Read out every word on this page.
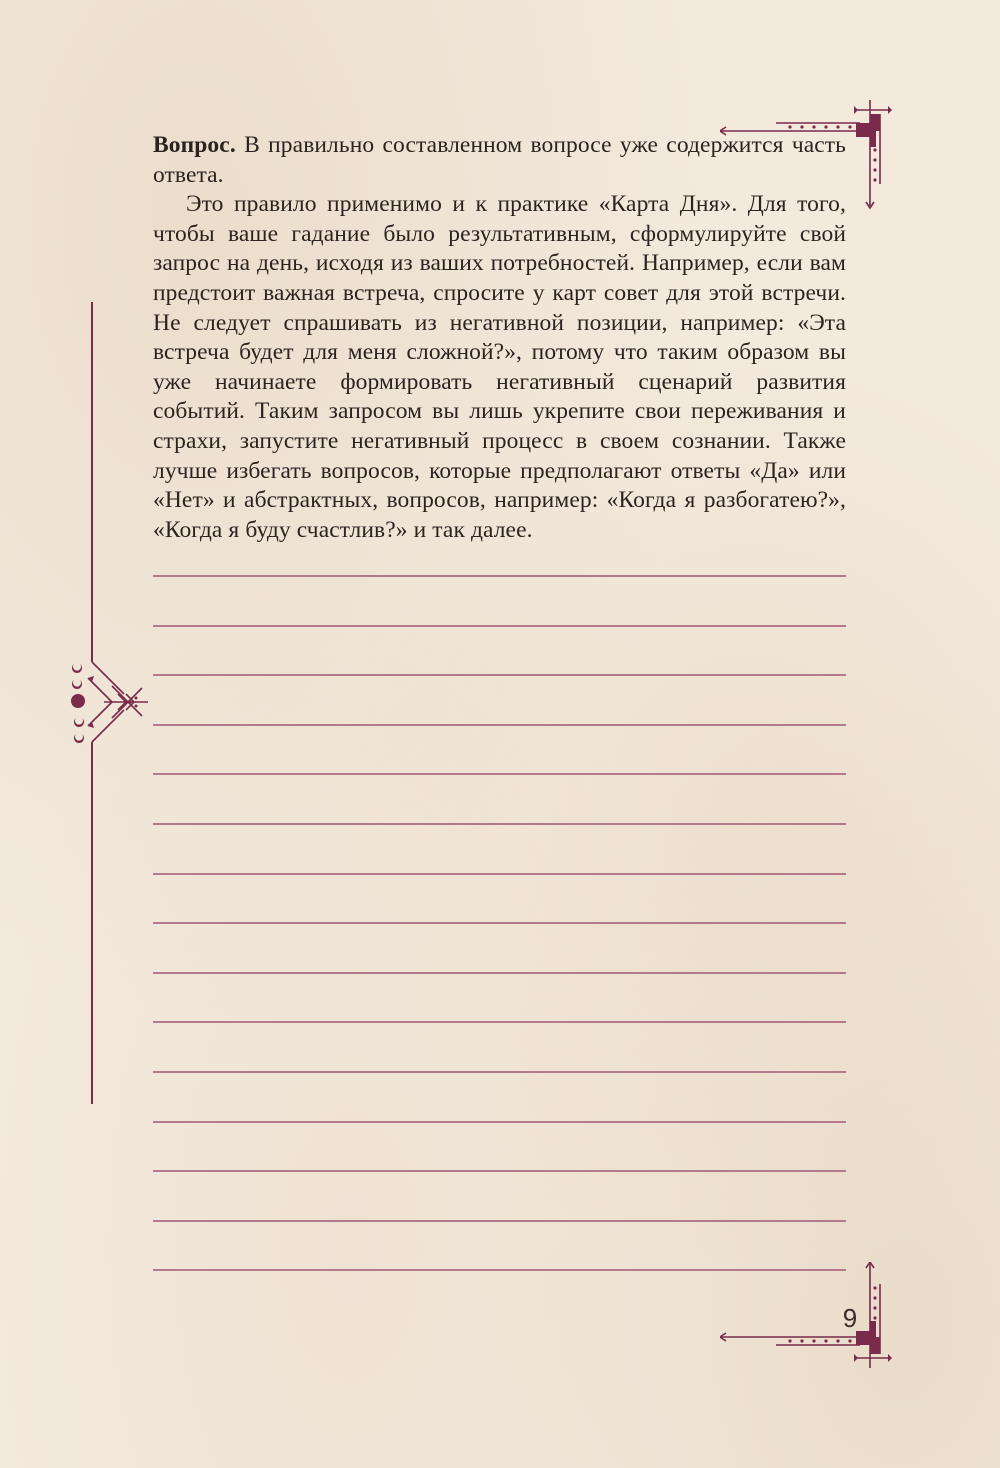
Вопрос. В правильно составленном вопросе уже содержится часть ответа.

Это правило применимо и к практике «Карта Дня». Для того, чтобы ваше гадание было результативным, сформулируйте свой запрос на день, исходя из ваших потребностей. Например, если вам предстоит важная встреча, спросите у карт совет для этой встречи. Не следует спрашивать из негативной позиции, например: «Эта встреча будет для меня сложной?», потому что таким образом вы уже начинаете формировать негативный сценарий развития событий. Таким запросом вы лишь укрепите свои переживания и страхи, запустите негативный процесс в своем сознании. Также лучше избегать вопросов, которые предполагают ответы «Да» или «Нет» и абстрактных, вопросов, например: «Когда я разбогатею?», «Когда я буду счастлив?» и так далее.

9
